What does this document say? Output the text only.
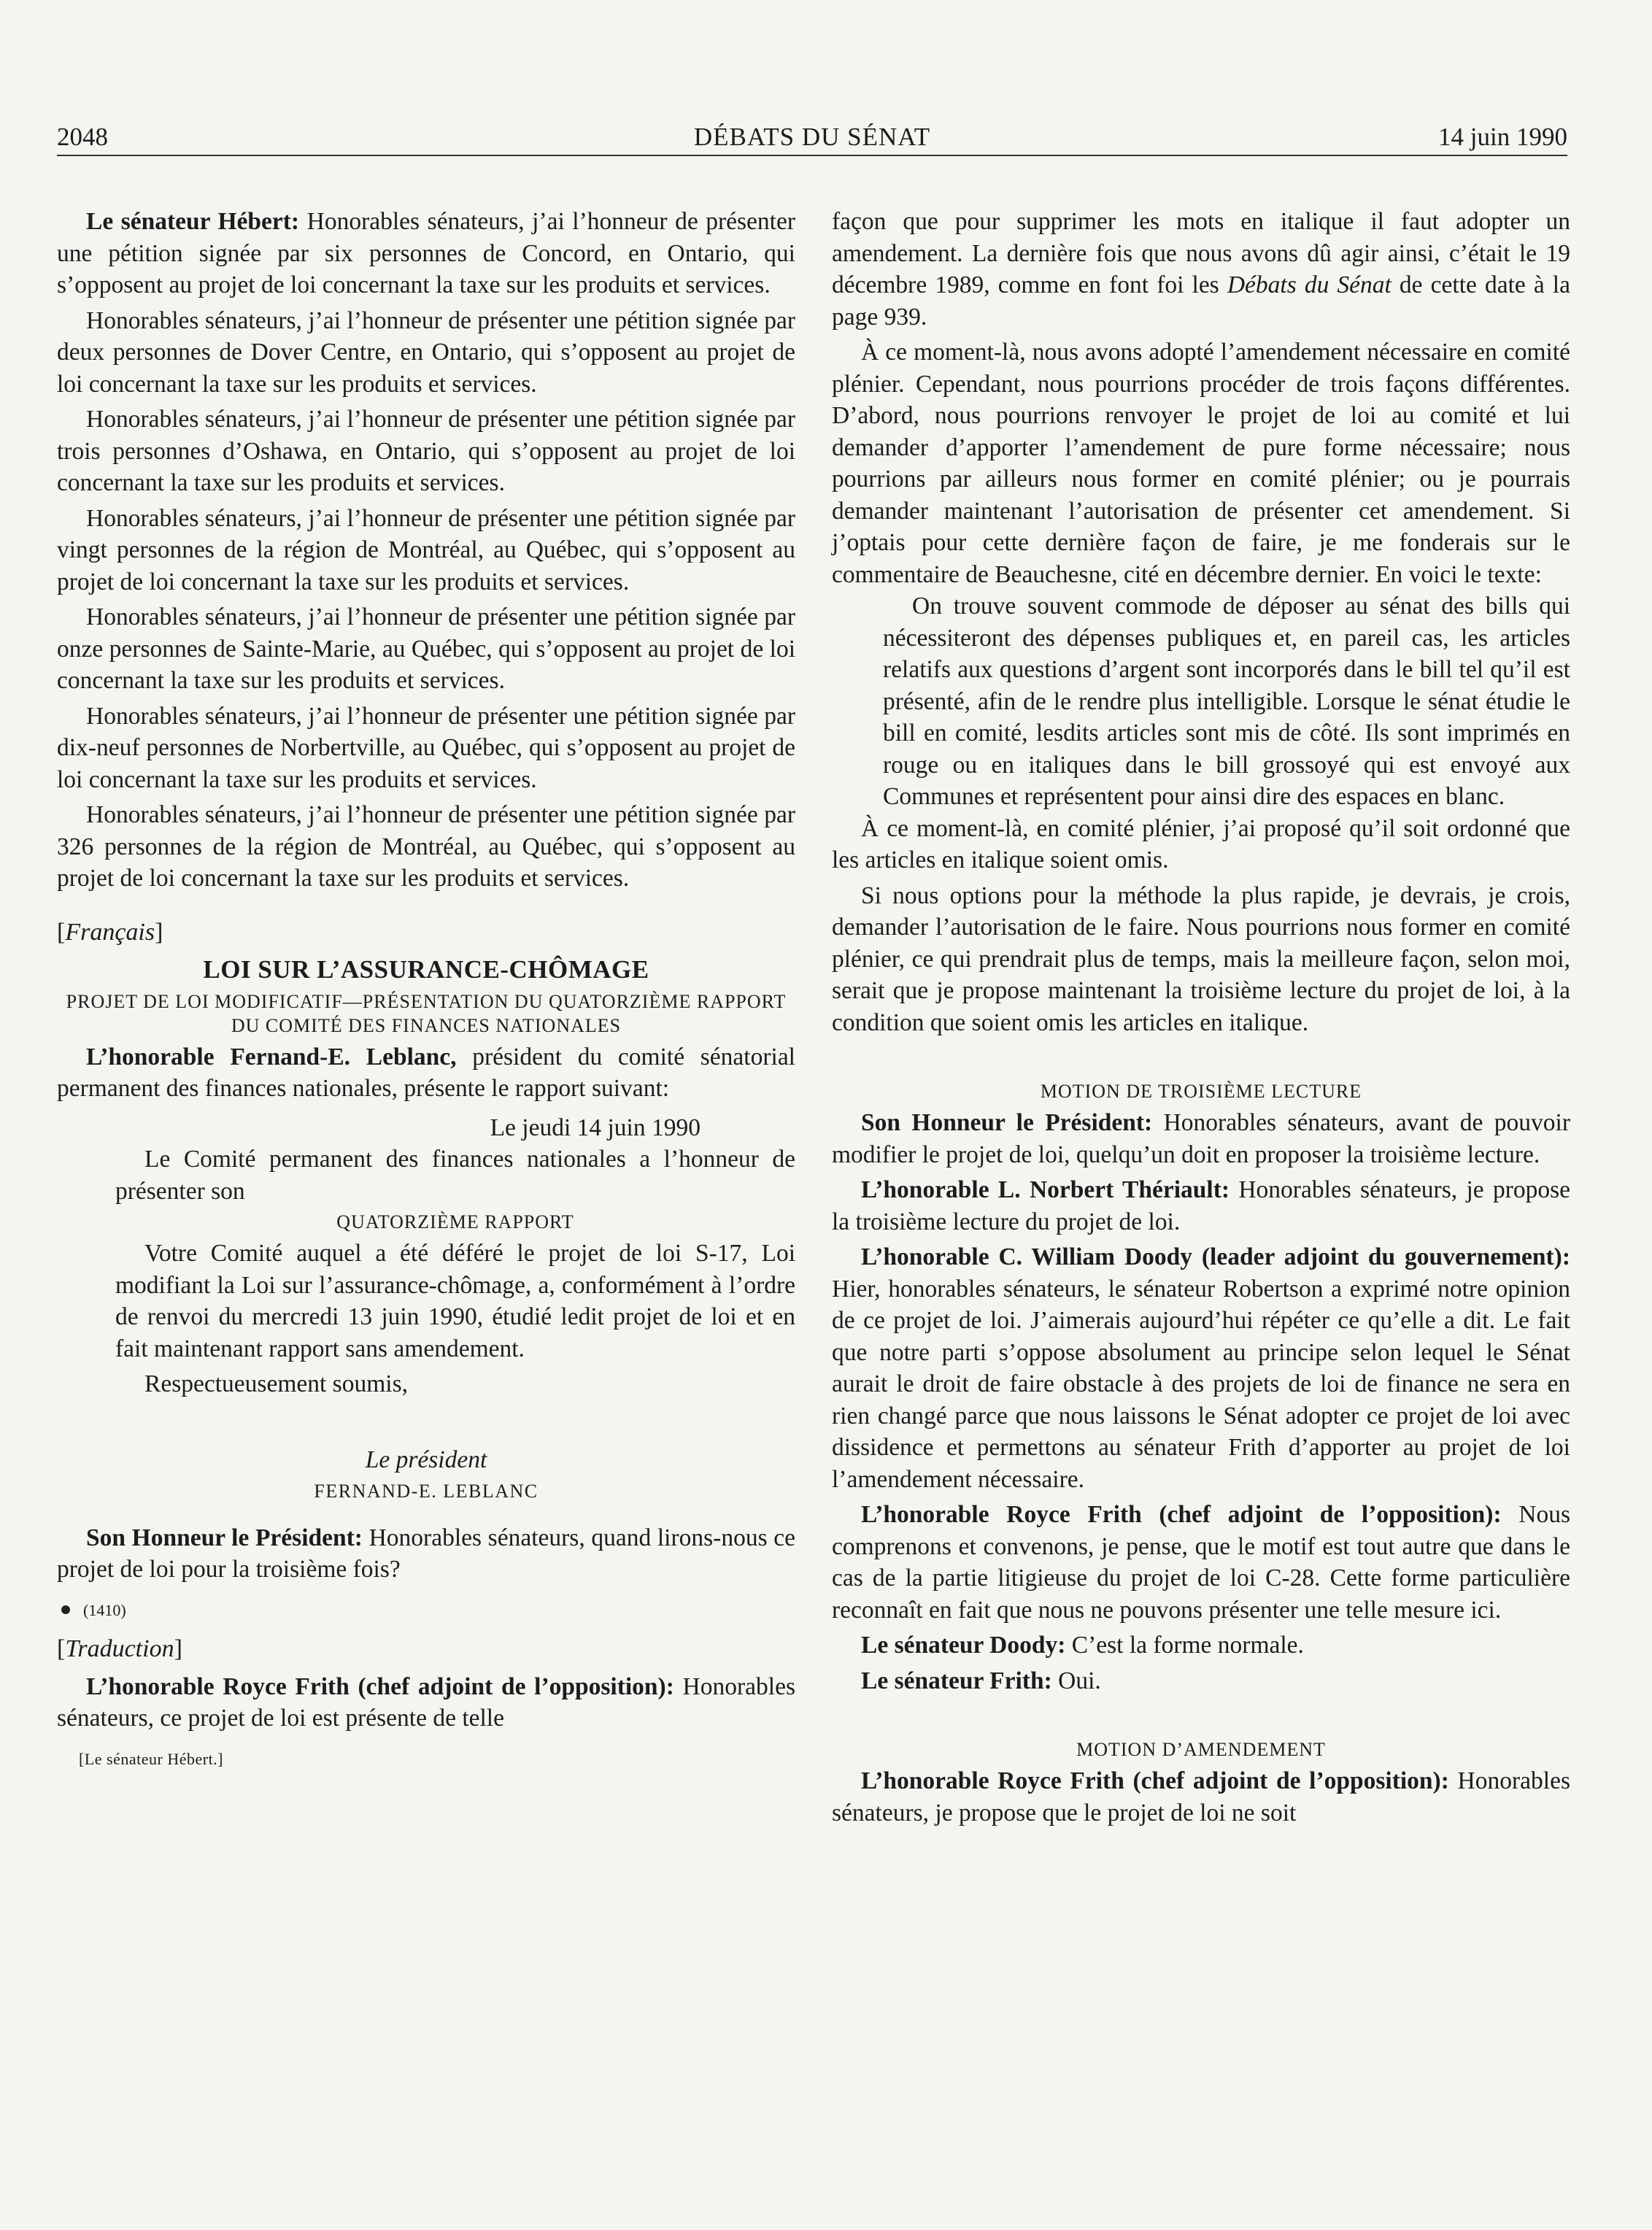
2048	DÉBATS DU SÉNAT	14 juin 1990

Le sénateur Hébert: Honorables sénateurs, j’ai l’honneur de présenter une pétition signée par six personnes de Concord, en Ontario, qui s’opposent au projet de loi concernant la taxe sur les produits et services.

Honorables sénateurs, j’ai l’honneur de présenter une pétition signée par deux personnes de Dover Centre, en Ontario, qui s’opposent au projet de loi concernant la taxe sur les produits et services.

Honorables sénateurs, j’ai l’honneur de présenter une pétition signée par trois personnes d’Oshawa, en Ontario, qui s’opposent au projet de loi concernant la taxe sur les produits et services.

Honorables sénateurs, j’ai l’honneur de présenter une pétition signée par vingt personnes de la région de Montréal, au Québec, qui s’opposent au projet de loi concernant la taxe sur les produits et services.

Honorables sénateurs, j’ai l’honneur de présenter une pétition signée par onze personnes de Sainte-Marie, au Québec, qui s’opposent au projet de loi concernant la taxe sur les produits et services.

Honorables sénateurs, j’ai l’honneur de présenter une pétition signée par dix-neuf personnes de Norbertville, au Québec, qui s’opposent au projet de loi concernant la taxe sur les produits et services.

Honorables sénateurs, j’ai l’honneur de présenter une pétition signée par 326 personnes de la région de Montréal, au Québec, qui s’opposent au projet de loi concernant la taxe sur les produits et services.

[Français]

LOI SUR L’ASSURANCE-CHÔMAGE

PROJET DE LOI MODIFICATIF—PRÉSENTATION DU QUATORZIÈME RAPPORT DU COMITÉ DES FINANCES NATIONALES

L’honorable Fernand-E. Leblanc, président du comité sénatorial permanent des finances nationales, présente le rapport suivant:

Le jeudi 14 juin 1990

Le Comité permanent des finances nationales a l’honneur de présenter son

QUATORZIÈME RAPPORT

Votre Comité auquel a été déféré le projet de loi S-17, Loi modifiant la Loi sur l’assurance-chômage, a, conformément à l’ordre de renvoi du mercredi 13 juin 1990, étudié ledit projet de loi et en fait maintenant rapport sans amendement.

Respectueusement soumis,

Le président

FERNAND-E. LEBLANC

Son Honneur le Président: Honorables sénateurs, quand lirons-nous ce projet de loi pour la troisième fois?

(1410)

[Traduction]

L’honorable Royce Frith (chef adjoint de l’opposition): Honorables sénateurs, ce projet de loi est présente de telle

[Le sénateur Hébert.]

façon que pour supprimer les mots en italique il faut adopter un amendement. La dernière fois que nous avons dû agir ainsi, c’était le 19 décembre 1989, comme en font foi les Débats du Sénat de cette date à la page 939.

À ce moment-là, nous avons adopté l’amendement nécessaire en comité plénier. Cependant, nous pourrions procéder de trois façons différentes. D’abord, nous pourrions renvoyer le projet de loi au comité et lui demander d’apporter l’amendement de pure forme nécessaire; nous pourrions par ailleurs nous former en comité plénier; ou je pourrais demander maintenant l’autorisation de présenter cet amendement. Si j’optais pour cette dernière façon de faire, je me fonderais sur le commentaire de Beauchesne, cité en décembre dernier. En voici le texte:

On trouve souvent commode de déposer au sénat des bills qui nécessiteront des dépenses publiques et, en pareil cas, les articles relatifs aux questions d’argent sont incorporés dans le bill tel qu’il est présenté, afin de le rendre plus intelligible. Lorsque le sénat étudie le bill en comité, lesdits articles sont mis de côté. Ils sont imprimés en rouge ou en italiques dans le bill grossoyé qui est envoyé aux Communes et représentent pour ainsi dire des espaces en blanc.

À ce moment-là, en comité plénier, j’ai proposé qu’il soit ordonné que les articles en italique soient omis.

Si nous options pour la méthode la plus rapide, je devrais, je crois, demander l’autorisation de le faire. Nous pourrions nous former en comité plénier, ce qui prendrait plus de temps, mais la meilleure façon, selon moi, serait que je propose maintenant la troisième lecture du projet de loi, à la condition que soient omis les articles en italique.

MOTION DE TROISIÈME LECTURE

Son Honneur le Président: Honorables sénateurs, avant de pouvoir modifier le projet de loi, quelqu’un doit en proposer la troisième lecture.

L’honorable L. Norbert Thériault: Honorables sénateurs, je propose la troisième lecture du projet de loi.

L’honorable C. William Doody (leader adjoint du gouvernement): Hier, honorables sénateurs, le sénateur Robertson a exprimé notre opinion de ce projet de loi. J’aimerais aujourd’hui répéter ce qu’elle a dit. Le fait que notre parti s’oppose absolument au principe selon lequel le Sénat aurait le droit de faire obstacle à des projets de loi de finance ne sera en rien changé parce que nous laissons le Sénat adopter ce projet de loi avec dissidence et permettons au sénateur Frith d’apporter au projet de loi l’amendement nécessaire.

L’honorable Royce Frith (chef adjoint de l’opposition): Nous comprenons et convenons, je pense, que le motif est tout autre que dans le cas de la partie litigieuse du projet de loi C-28. Cette forme particulière reconnaît en fait que nous ne pouvons présenter une telle mesure ici.

Le sénateur Doody: C’est la forme normale.

Le sénateur Frith: Oui.

MOTION D’AMENDEMENT

L’honorable Royce Frith (chef adjoint de l’opposition): Honorables sénateurs, je propose que le projet de loi ne soit
